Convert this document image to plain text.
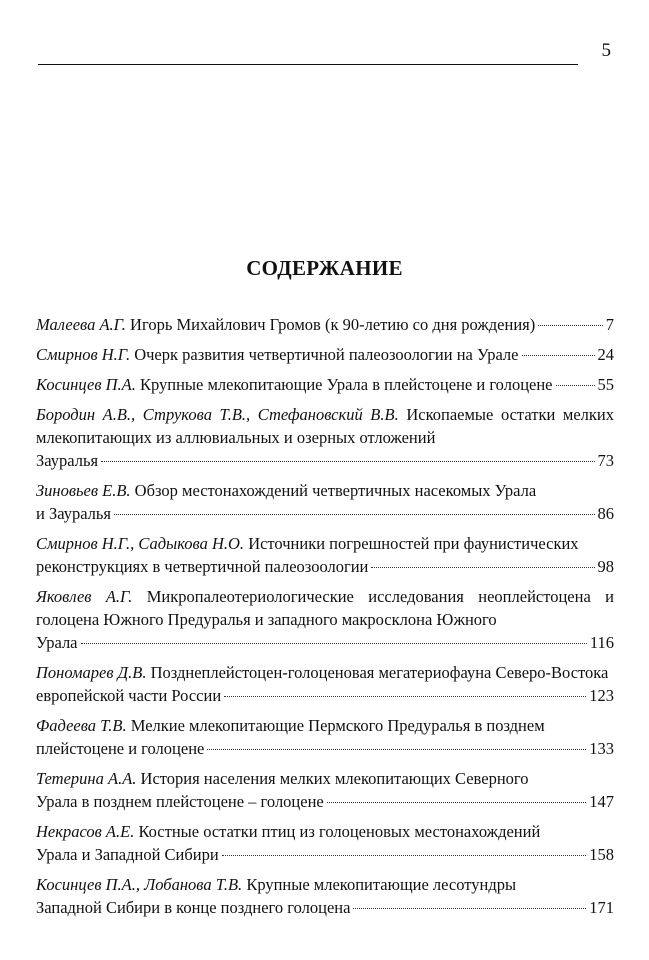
5
СОДЕРЖАНИЕ
Малеева А.Г. Игорь Михайлович Громов (к 90-летию со дня рождения)	7
Смирнов Н.Г. Очерк развития четвертичной палеозоологии на Урале	24
Косинцев П.А. Крупные млекопитающие Урала в плейстоцене и голоцене	55
Бородин А.В., Струкова Т.В., Стефановский В.В. Ископаемые остатки мелких млекопитающих из аллювиальных и озерных отложений
Зауралья	73
Зиновьев Е.В. Обзор местонахождений четвертичных насекомых Урала
и Зауралья	86
Смирнов Н.Г., Садыкова Н.О. Источники погрешностей при фаунистических
реконструкциях в четвертичной палеозоологии	98
Яковлев А.Г. Микропалеотериологические исследования неоплейстоцена и голоцена Южного Предуралья и западного макросклона Южного
Урала	116
Пономарев Д.В. Позднеплейстоцен-голоценовая мегатериофауна Северо-Востока
европейской части России	123
Фадеева Т.В. Мелкие млекопитающие Пермского Предуралья в позднем
плейстоцене и голоцене	133
Тетерина А.А. История населения мелких млекопитающих Северного
Урала в позднем плейстоцене – голоцене	147
Некрасов А.Е. Костные остатки птиц из голоценовых местонахождений
Урала и Западной Сибири	158
Косинцев П.А., Лобанова Т.В. Крупные млекопитающие лесотундры
Западной Сибири в конце позднего голоцена	171
